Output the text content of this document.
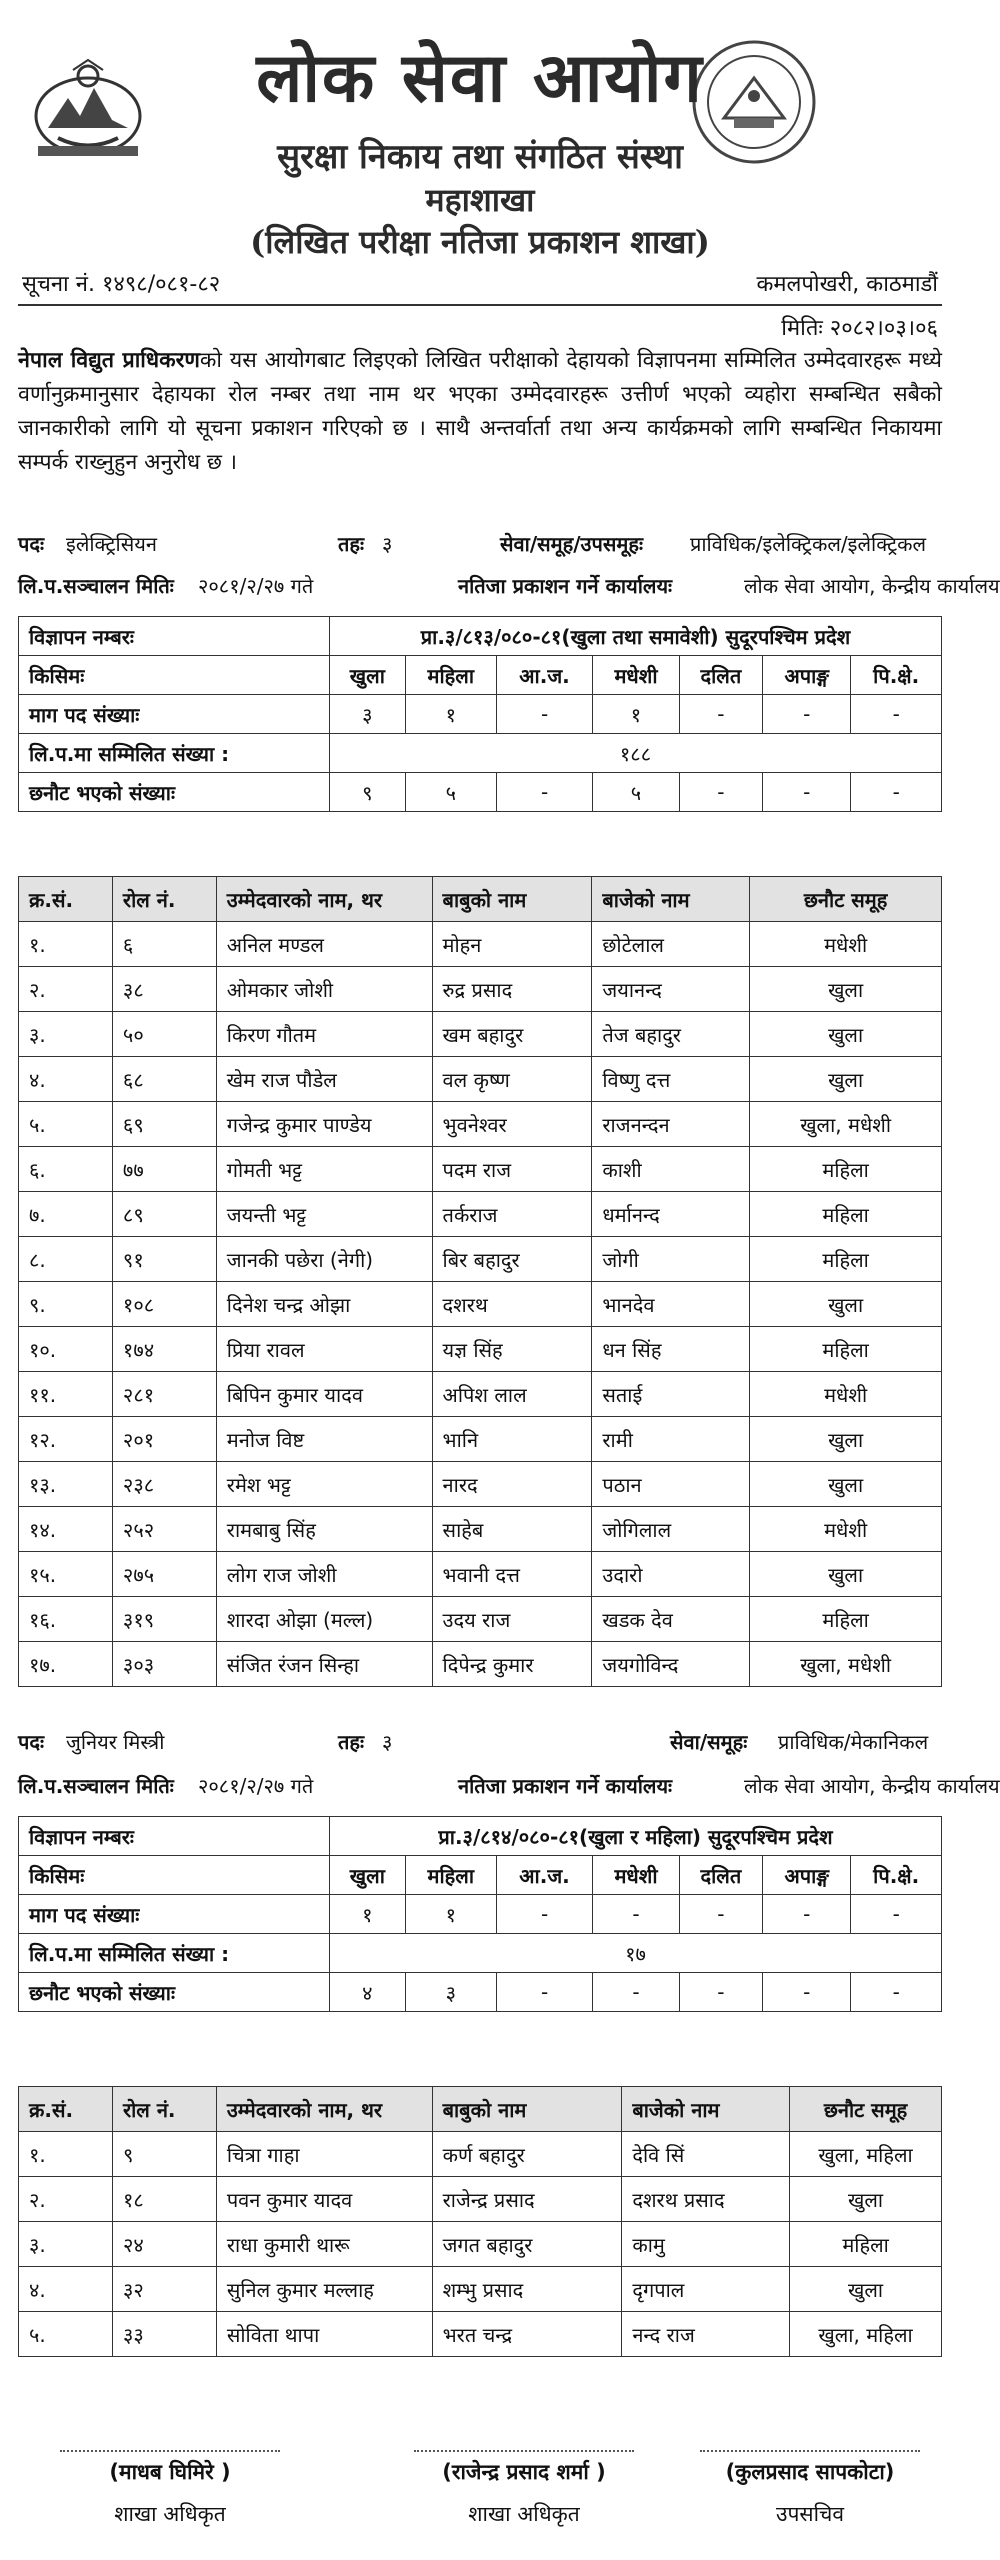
लोक सेवा आयोग
सुरक्षा निकाय तथा संगठित संस्था
महाशाखा
(लिखित परीक्षा नतिजा प्रकाशन शाखा)
सूचना नं. १४९८/०८१-८२	कमलपोखरी, काठमाडौं
मितिः २०८२।०३।०६
नेपाल विद्युत प्राधिकरणको यस आयोगबाट लिइएको लिखित परीक्षाको देहायको विज्ञापनमा सम्मिलित उम्मेदवारहरू मध्ये वर्णानुक्रमानुसार देहायका रोल नम्बर तथा नाम थर भएका उम्मेदवारहरू उत्तीर्ण भएको व्यहोरा सम्बन्धित सबैको जानकारीको लागि यो सूचना प्रकाशन गरिएको छ । साथै अन्तर्वार्ता तथा अन्य कार्यक्रमको लागि सम्बन्धित निकायमा सम्पर्क राख्नुहुन अनुरोध छ ।
पदः इलेक्ट्रिसियन	तहः ३	सेवा/समूह/उपसमूहः प्राविधिक/इलेक्ट्रिकल/इलेक्ट्रिकल
लि.प.सञ्चालन मितिः २०८१/२/२७ गते	नतिजा प्रकाशन गर्ने कार्यालयः	लोक सेवा आयोग, केन्द्रीय कार्यालय
विज्ञापन नम्बरः	प्रा.३/८१३/०८०-८१(खुला तथा समावेशी) सुदूरपश्चिम प्रदेश						
किसिमः	खुला	महिला	आ.ज.	मधेशी	दलित	अपाङ्ग	पि.क्षे.
माग पद संख्याः	३	१	-	१	-	-	-
लि.प.मा सम्मिलित संख्या :	१८८						
छनौट भएको संख्याः	९	५	-	५	-	-	-
क्र.सं.	रोल नं.	उम्मेदवारको नाम, थर	बाबुको नाम	बाजेको नाम	छनौट समूह
१.	६	अनिल मण्डल	मोहन	छोटेलाल	मधेशी
२.	३८	ओमकार जोशी	रुद्र प्रसाद	जयानन्द	खुला
३.	५०	किरण गौतम	खम बहादुर	तेज बहादुर	खुला
४.	६८	खेम राज पौडेल	वल कृष्ण	विष्णु दत्त	खुला
५.	६९	गजेन्द्र कुमार पाण्डेय	भुवनेश्वर	राजनन्दन	खुला, मधेशी
६.	७७	गोमती भट्ट	पदम राज	काशी	महिला
७.	८९	जयन्ती भट्ट	तर्कराज	धर्मानन्द	महिला
८.	९१	जानकी पछेरा (नेगी)	बिर बहादुर	जोगी	महिला
९.	१०८	दिनेश चन्द्र ओझा	दशरथ	भानदेव	खुला
१०.	१७४	प्रिया रावल	यज्ञ सिंह	धन सिंह	महिला
११.	२८१	बिपिन कुमार यादव	अपिश लाल	सताई	मधेशी
१२.	२०१	मनोज विष्ट	भानि	रामी	खुला
१३.	२३८	रमेश भट्ट	नारद	पठान	खुला
१४.	२५२	रामबाबु सिंह	साहेब	जोगिलाल	मधेशी
१५.	२७५	लोग राज जोशी	भवानी दत्त	उदारो	खुला
१६.	३१९	शारदा ओझा (मल्ल)	उदय राज	खडक देव	महिला
१७.	३०३	संजित रंजन सिन्हा	दिपेन्द्र कुमार	जयगोविन्द	खुला, मधेशी
पदः जुनियर मिस्त्री	तहः ३	सेवा/समूहः प्राविधिक/मेकानिकल
लि.प.सञ्चालन मितिः २०८१/२/२७ गते	नतिजा प्रकाशन गर्ने कार्यालयः	लोक सेवा आयोग, केन्द्रीय कार्यालय
विज्ञापन नम्बरः	प्रा.३/८१४/०८०-८१(खुला र महिला) सुदूरपश्चिम प्रदेश						
किसिमः	खुला	महिला	आ.ज.	मधेशी	दलित	अपाङ्ग	पि.क्षे.
माग पद संख्याः	१	१	-	-	-	-	-
लि.प.मा सम्मिलित संख्या :	१७						
छनौट भएको संख्याः	४	३	-	-	-	-	-
क्र.सं.	रोल नं.	उम्मेदवारको नाम, थर	बाबुको नाम	बाजेको नाम	छनौट समूह
१.	९	चित्रा गाहा	कर्ण बहादुर	देवि सिं	खुला, महिला
२.	१८	पवन कुमार यादव	राजेन्द्र प्रसाद	दशरथ प्रसाद	खुला
३.	२४	राधा कुमारी थारू	जगत बहादुर	कामु	महिला
४.	३२	सुनिल कुमार मल्लाह	शम्भु प्रसाद	दृगपाल	खुला
५.	३३	सोविता थापा	भरत चन्द्र	नन्द राज	खुला, महिला
(माधब घिमिरे )
शाखा अधिकृत
(राजेन्द्र प्रसाद शर्मा )
शाखा अधिकृत
(कुलप्रसाद सापकोटा)
उपसचिव
